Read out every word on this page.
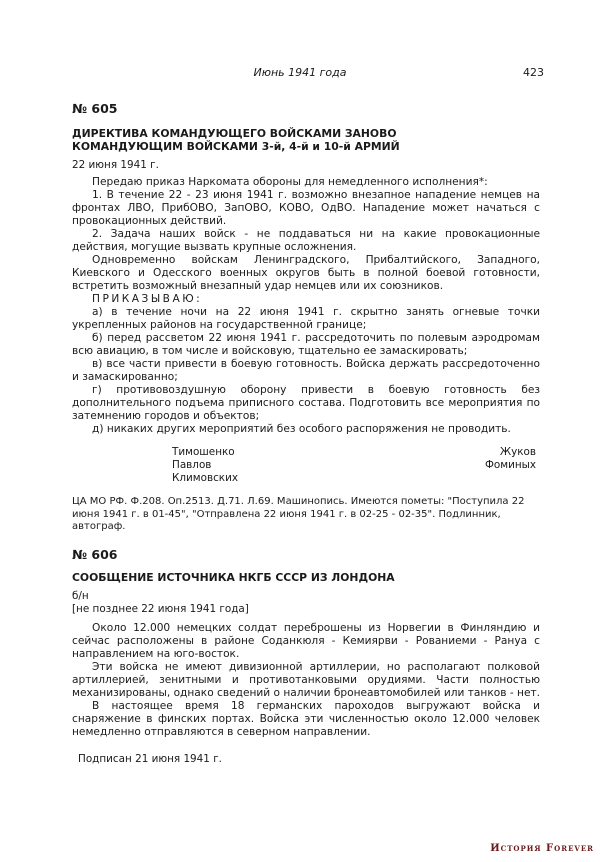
Июнь 1941 года	423
№ 605
ДИРЕКТИВА КОМАНДУЮЩЕГО ВОЙСКАМИ ЗАНОВО
КОМАНДУЮЩИМ ВОЙСКАМИ 3-й, 4-й и 10-й АРМИЙ
22 июня 1941 г.

Передаю приказ Наркомата обороны для немедленного исполнения*:

1. В течение 22 - 23 июня 1941 г. возможно внезапное нападение немцев на фронтах ЛВО, ПрибОВО, ЗапОВО, КОВО, ОдВО. Нападение может начаться с провокационных действий.

2. Задача наших войск - не поддаваться ни на какие провокационные действия, могущие вызвать крупные осложнения.

Одновременно войскам Ленинградского, Прибалтийского, Западного, Киевского и Одесского военных округов быть в полной боевой готовности, встретить возможный внезапный удар немцев или их союзников.

ПРИКАЗЫВАЮ:

а) в течение ночи на 22 июня 1941 г. скрытно занять огневые точки укрепленных районов на государственной границе;

б) перед рассветом 22 июня 1941 г. рассредоточить по полевым аэродромам всю авиацию, в том числе и войсковую, тщательно ее замаскировать;

в) все части привести в боевую готовность. Войска держать рассредоточенно и замаскированно;

г) противовоздушную оборону привести в боевую готовность без дополнительного подъема приписного состава. Подготовить все мероприятия по затемнению городов и объектов;

д) никаких других мероприятий без особого распоряжения не проводить.

Тимошенко
Павлов
Климовских
Жуков
Фоминых

ЦА МО РФ. Ф.208. Оп.2513. Д.71. Л.69. Машинопись. Имеются пометы: "Поступила 22 июня 1941 г. в 01-45", "Отправлена 22 июня 1941 г. в 02-25 - 02-35". Подлинник, автограф.

№ 606
СООБЩЕНИЕ ИСТОЧНИКА НКГБ СССР ИЗ ЛОНДОНА

б/н

[не позднее 22 июня 1941 года]

Около 12.000 немецких солдат переброшены из Норвегии в Финляндию и сейчас расположены в районе Соданкюля - Кемиярви - Рованиеми - Рануа с направлением на юго-восток.

Эти войска не имеют дивизионной артиллерии, но располагают полковой артиллерией, зенитными и противотанковыми орудиями. Части полностью механизированы, однако сведений о наличии бронеавтомобилей или танков - нет.

В настоящее время 18 германских пароходов выгружают войска и снаряжение в финских портах. Войска эти численностью около 12.000 человек немедленно отправляются в северном направлении.

Подписан 21 июня 1941 г.

История Forever
